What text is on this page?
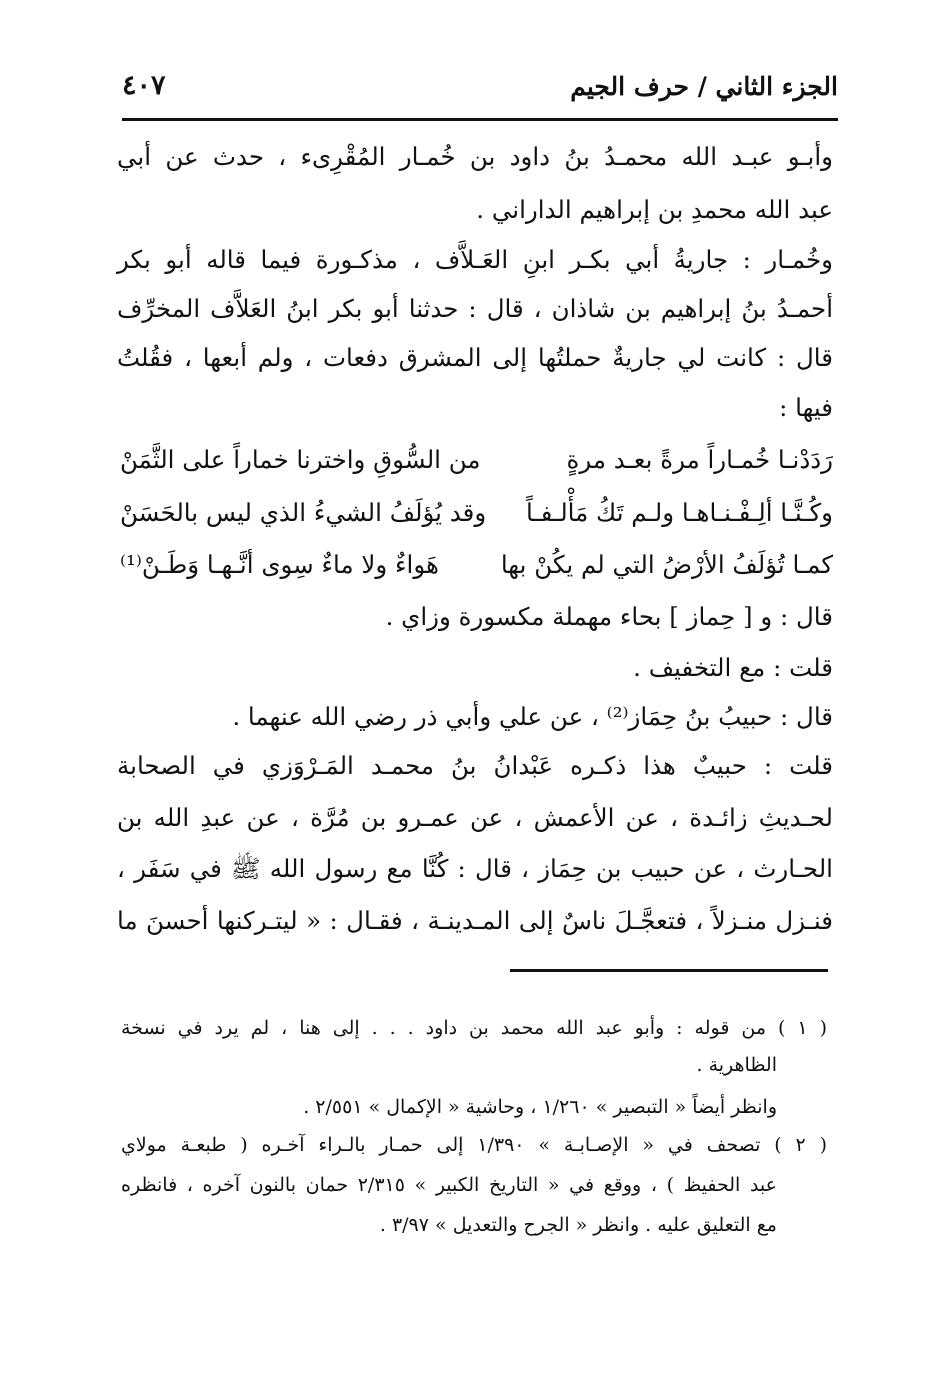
الجزء الثاني / حرف الجيم
٤٠٧
وأبـو عبـد الله محمـدُ بنُ داود بن خُمـار المُقْرِىء ، حدث عن أبي
عبد الله محمدِ بن إبراهيم الداراني .
وخُمـار : جاريةُ أبي بكـر ابنِ العَـلاَّف ، مذكـورة فيما قاله أبو بكر
أحمـدُ بنُ إبراهيم بن شاذان ، قال : حدثنا أبو بكر ابنُ العَلاَّف المخرِّف
قال : كانت لي جاريةٌ حملتُها إلى المشرق دفعات ، ولم أبعها ، فقُلتُ
فيها :
رَدَدْنـا خُمـاراً مرةً بعـد مرةٍ
من السُّوقِ واخترنا خماراً على الثَّمَنْ
وكُـنَّـا ألِـفْـنـاهـا ولـم تَكُ مَأْلـفـاً
وقد يُؤلَفُ الشيءُ الذي ليس بالحَسَنْ
كمـا تُؤلَفُ الأرْضُ التي لم يكُنْ بها
هَواءٌ ولا ماءٌ سِوى أنَّـهـا وَطَـنْ⁽¹⁾
قال : و [ حِماز ] بحاء مهملة مكسورة وزاي .
قلت : مع التخفيف .
قال : حبيبُ بنُ حِمَاز⁽²⁾ ، عن علي وأبي ذر رضي الله عنهما .
قلت : حبيبٌ هذا ذكـره عَبْدانُ بنُ محمـد المَـرْوَزي في الصحابة
لحـديثِ زائـدة ، عن الأعمش ، عن عمـرو بن مُرَّة ، عن عبدِ الله بن
الحـارث ، عن حبيب بن حِمَاز ، قال : كُنَّا مع رسول الله ﷺ في سَفَر ،
فنـزل منـزلاً ، فتعجَّـلَ ناسٌ إلى المـدينـة ، فقـال : « ليتـركنها أحسنَ ما
( ١ ) من قوله : وأبو عبد الله محمد بن داود . . . إلى هنا ، لم يرد في نسخة
الظاهرية .
وانظر أيضاً « التبصير » ١/٢٦٠ ، وحاشية « الإكمال » ٢/٥٥١ .
( ٢ ) تصحف في « الإصـابـة » ١/٣٩٠ إلى حمـار بالـراء آخـره ( طبعـة مولاي
عبد الحفيظ ) ، ووقع في « التاريخ الكبير » ٢/٣١٥ حمان بالنون آخره ، فانظره
مع التعليق عليه . وانظر « الجرح والتعديل » ٣/٩٧ .
